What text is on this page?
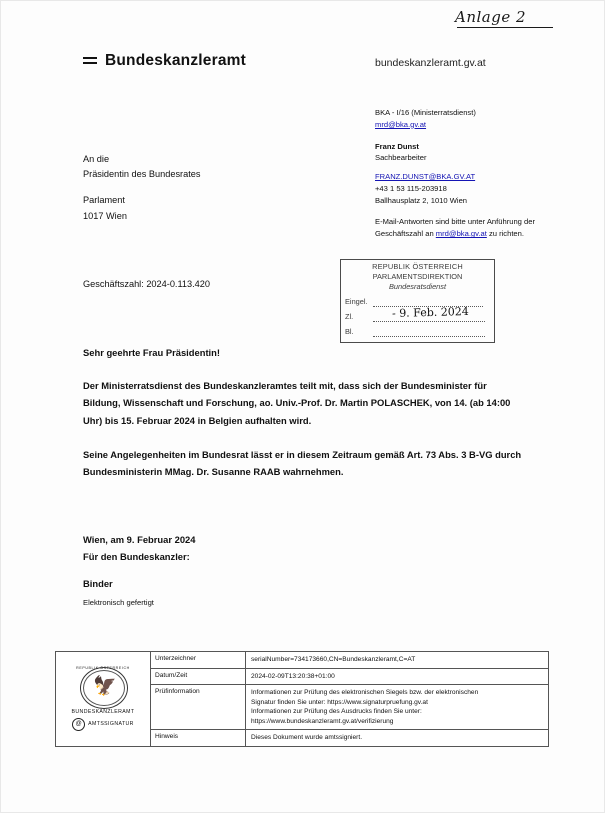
Anlage 2
Bundeskanzleramt	bundeskanzleramt.gv.at
BKA - I/16 (Ministerratsdienst)
mrd@bka.gv.at
Franz Dunst
Sachbearbeiter
FRANZ.DUNST@BKA.GV.AT
+43 1 53 115-203918
Ballhausplatz 2, 1010 Wien
E-Mail-Antworten sind bitte unter Anführung der
Geschäftszahl an mrd@bka.gv.at zu richten.
An die
Präsidentin des Bundesrates
Parlament
1017 Wien
Geschäftszahl: 2024-0.113.420
REPUBLIK ÖSTERREICH
PARLAMENTSDIREKTION
Bundesratsdienst
Eingel.
Zl.
Bl.
- 9. Feb. 2024
Sehr geehrte Frau Präsidentin!
Der Ministerratsdienst des Bundeskanzleramtes teilt mit, dass sich der Bundesminister für Bildung, Wissenschaft und Forschung, ao. Univ.-Prof. Dr. Martin POLASCHEK, von 14. (ab 14:00 Uhr) bis 15. Februar 2024 in Belgien aufhalten wird.
Seine Angelegenheiten im Bundesrat lässt er in diesem Zeitraum gemäß Art. 73 Abs. 3 B-VG durch Bundesministerin MMag. Dr. Susanne RAAB wahrnehmen.
Wien, am 9. Februar 2024
Für den Bundeskanzler:
Binder
Elektronisch gefertigt
REPUBLIK ÖSTERREICH
🦅
BUNDESKANZLERAMT
@	AMTSSIGNATUR
Unterzeichner	serialNumber=734173660,CN=Bundeskanzleramt,C=AT
Datum/Zeit	2024-02-09T13:20:38+01:00
Prüfinformation	Informationen zur Prüfung des elektronischen Siegels bzw. der elektronischen
Signatur finden Sie unter: https://www.signaturpruefung.gv.at
Informationen zur Prüfung des Ausdrucks finden Sie unter:
https://www.bundeskanzleramt.gv.at/verifizierung
Hinweis	Dieses Dokument wurde amtssigniert.
